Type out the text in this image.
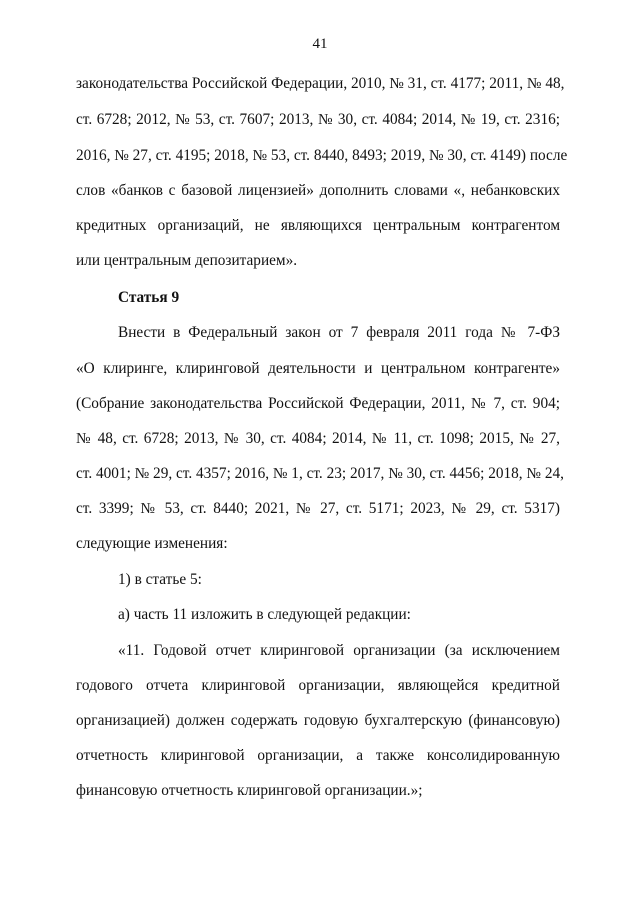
41
законодательства Российской Федерации, 2010, № 31, ст. 4177; 2011, № 48,
ст. 6728; 2012, № 53, ст. 7607; 2013, № 30, ст. 4084; 2014, № 19, ст. 2316;
2016, № 27, ст. 4195; 2018, № 53, ст. 8440, 8493; 2019, № 30, ст. 4149) после
слов «банков с базовой лицензией» дополнить словами «, небанковских
кредитных организаций, не являющихся центральным контрагентом
или центральным депозитарием».
Статья 9
Внести в Федеральный закон от 7 февраля 2011 года № 7-ФЗ
«О клиринге, клиринговой деятельности и центральном контрагенте»
(Собрание законодательства Российской Федерации, 2011, № 7, ст. 904;
№ 48, ст. 6728; 2013, № 30, ст. 4084; 2014, № 11, ст. 1098; 2015, № 27,
ст. 4001; № 29, ст. 4357; 2016, № 1, ст. 23; 2017, № 30, ст. 4456; 2018, № 24,
ст. 3399; № 53, ст. 8440; 2021, № 27, ст. 5171; 2023, № 29, ст. 5317)
следующие изменения:
1) в статье 5:
а) часть 11 изложить в следующей редакции:
«11. Годовой отчет клиринговой организации (за исключением
годового отчета клиринговой организации, являющейся кредитной
организацией) должен содержать годовую бухгалтерскую (финансовую)
отчетность клиринговой организации, а также консолидированную
финансовую отчетность клиринговой организации.»;
